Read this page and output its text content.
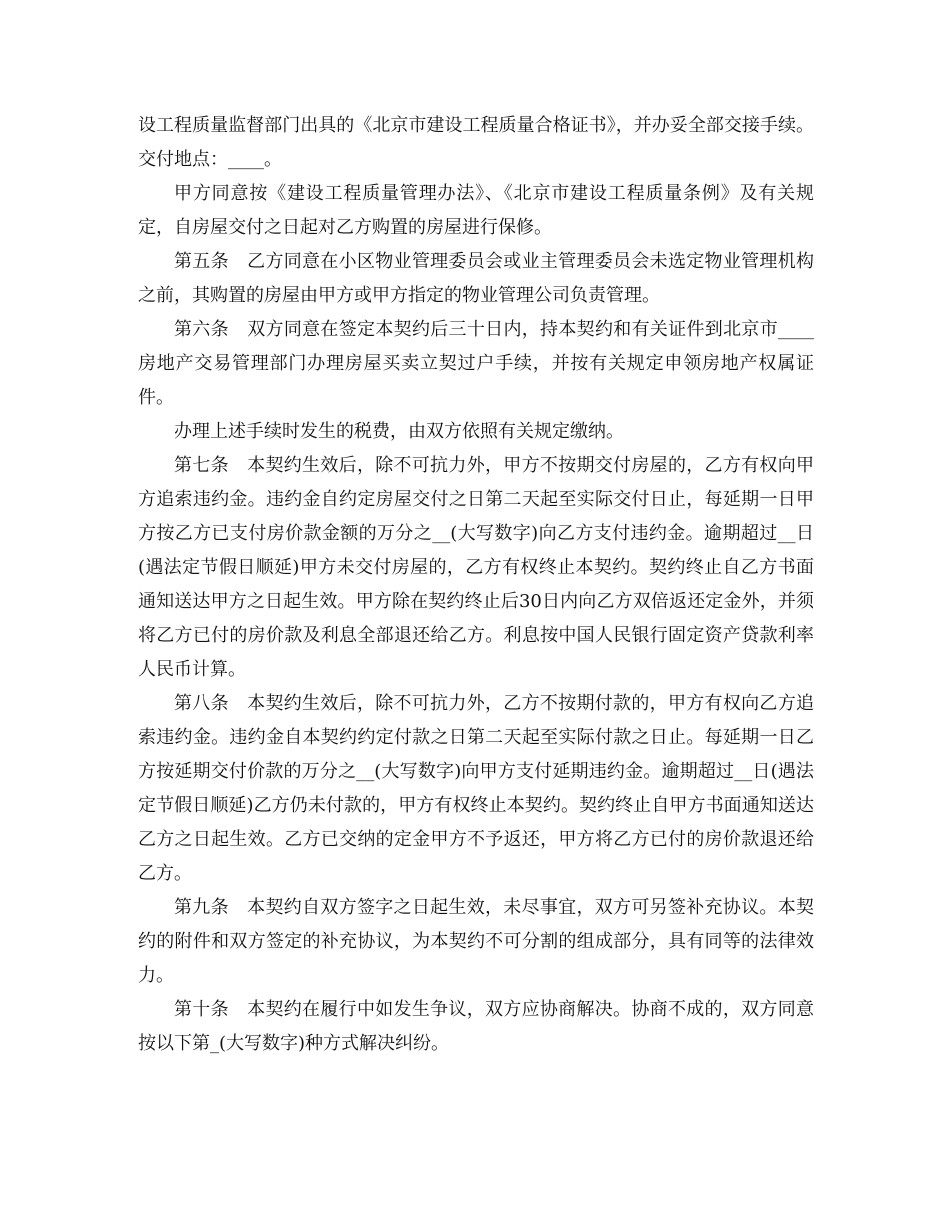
设工程质量监督部门出具的《北京市建设工程质量合格证书》，并办妥全部交接手续。交付地点：____。

甲方同意按《建设工程质量管理办法》、《北京市建设工程质量条例》及有关规定，自房屋交付之日起对乙方购置的房屋进行保修。

第五条　乙方同意在小区物业管理委员会或业主管理委员会未选定物业管理机构之前，其购置的房屋由甲方或甲方指定的物业管理公司负责管理。

第六条　双方同意在签定本契约后三十日内，持本契约和有关证件到北京市____房地产交易管理部门办理房屋买卖立契过户手续，并按有关规定申领房地产权属证件。

办理上述手续时发生的税费，由双方依照有关规定缴纳。

第七条　本契约生效后，除不可抗力外，甲方不按期交付房屋的，乙方有权向甲方追索违约金。违约金自约定房屋交付之日第二天起至实际交付日止，每延期一日甲方按乙方已支付房价款金额的万分之__(大写数字)向乙方支付违约金。逾期超过__日(遇法定节假日顺延)甲方未交付房屋的，乙方有权终止本契约。契约终止自乙方书面通知送达甲方之日起生效。甲方除在契约终止后30日内向乙方双倍返还定金外，并须将乙方已付的房价款及利息全部退还给乙方。利息按中国人民银行固定资产贷款利率人民币计算。

第八条　本契约生效后，除不可抗力外，乙方不按期付款的，甲方有权向乙方追索违约金。违约金自本契约约定付款之日第二天起至实际付款之日止。每延期一日乙方按延期交付价款的万分之__(大写数字)向甲方支付延期违约金。逾期超过__日(遇法定节假日顺延)乙方仍未付款的，甲方有权终止本契约。契约终止自甲方书面通知送达乙方之日起生效。乙方已交纳的定金甲方不予返还，甲方将乙方已付的房价款退还给乙方。

第九条　本契约自双方签字之日起生效，未尽事宜，双方可另签补充协议。本契约的附件和双方签定的补充协议，为本契约不可分割的组成部分，具有同等的法律效力。

第十条　本契约在履行中如发生争议，双方应协商解决。协商不成的，双方同意按以下第_(大写数字)种方式解决纠纷。
